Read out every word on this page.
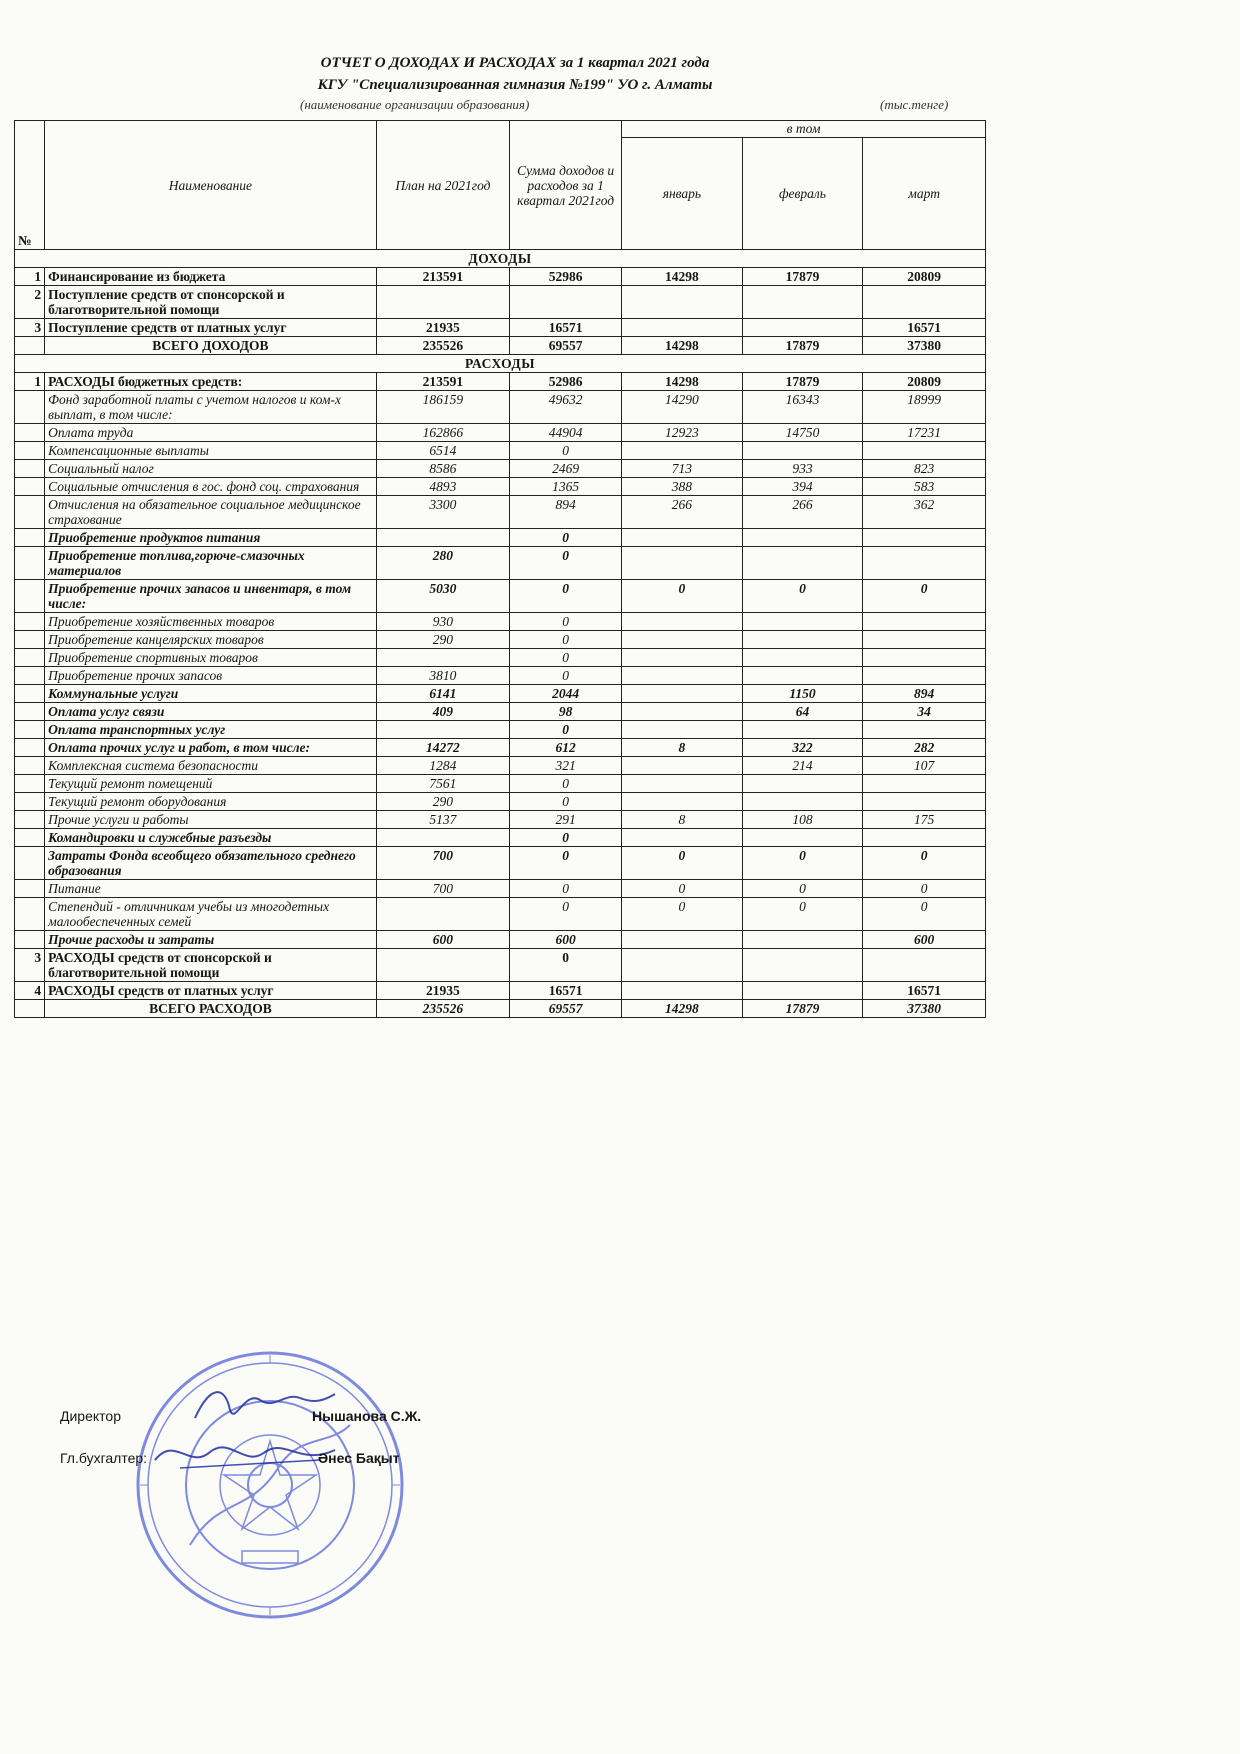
ОТЧЕТ О ДОХОДАХ И РАСХОДАХ за 1 квартал 2021 года
КГУ "Специализированная гимназия №199" УО г. Алматы
(наименование организации образования)	(тыс.тенге)
№	Наименование	План на 2021год	Сумма доходов и расходов за 1 квартал 2021год	в том		
				январь	февраль	март
ДОХОДЫ						
1	Финансирование из бюджета	213591	52986	14298	17879	20809
2	Поступление средств от спонсорской и благотворительной помощи					
3	Поступление средств от платных услуг	21935	16571			16571
	ВСЕГО ДОХОДОВ	235526	69557	14298	17879	37380
РАСХОДЫ						
1	РАСХОДЫ бюджетных средств:	213591	52986	14298	17879	20809
	Фонд заработной платы с учетом налогов и ком-х выплат, в том числе:	186159	49632	14290	16343	18999
	Оплата труда	162866	44904	12923	14750	17231
	Компенсационные выплаты	6514	0			
	Социальный налог	8586	2469	713	933	823
	Социальные отчисления в гос. фонд соц. страхования	4893	1365	388	394	583
	Отчисления на обязательное социальное медицинское страхование	3300	894	266	266	362
	Приобретение продуктов питания		0			
	Приобретение топлива,горюче-смазочных материалов	280	0			
	Приобретение прочих запасов и инвентаря, в том числе:	5030	0	0	0	0
	Приобретение хозяйственных товаров	930	0			
	Приобретение канцелярских товаров	290	0			
	Приобретение спортивных товаров		0			
	Приобретение прочих запасов	3810	0			
	Коммунальные услуги	6141	2044		1150	894
	Оплата услуг связи	409	98		64	34
	Оплата транспортных услуг		0			
	Оплата прочих услуг и работ, в том числе:	14272	612	8	322	282
	Комплексная система безопасности	1284	321		214	107
	Текущий ремонт помещений	7561	0			
	Текущий ремонт оборудования	290	0			
	Прочие услуги и работы	5137	291	8	108	175
	Командировки и служебные разъезды		0			
	Затраты Фонда всеобщего обязательного среднего образования	700	0	0	0	0
	Питание	700	0	0	0	0
	Степендий - отличникам учебы из многодетных малообеспеченных семей		0	0	0	0
	Прочие расходы и затраты	600	600			600
3	РАСХОДЫ средств от спонсорской и благотворительной помощи		0			
4	РАСХОДЫ средств от платных услуг	21935	16571			16571
	ВСЕГО РАСХОДОВ	235526	69557	14298	17879	37380
Директор	Нышанова С.Ж.
Гл.бухгалтер:	Әнес Бақыт
